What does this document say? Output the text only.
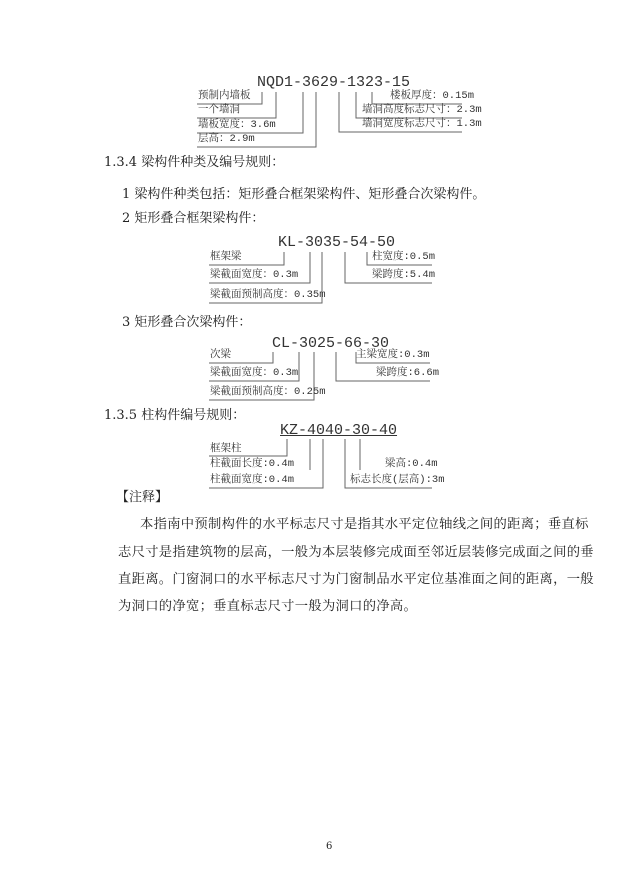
NQD1-3629-1323-15
预制内墙板
一个墙洞
墙板宽度：3.6m
层高：2.9m
楼板厚度：0.15m
墙洞高度标志尺寸：2.3m
墙洞宽度标志尺寸：1.3m
1.3.4 梁构件种类及编号规则：
1 梁构件种类包括：矩形叠合框架梁构件、矩形叠合次梁构件。
2 矩形叠合框架梁构件：
KL-3035-54-50
框架梁
梁截面宽度：0.3m
梁截面预制高度：0.35m
柱宽度:0.5m
梁跨度:5.4m
3 矩形叠合次梁构件：
CL-3025-66-30
次梁
梁截面宽度：0.3m
梁截面预制高度：0.25m
主梁宽度:0.3m
梁跨度:6.6m
1.3.5 柱构件编号规则：
KZ-4040-30-40
框架柱
柱截面长度:0.4m
柱截面宽度:0.4m
梁高:0.4m
标志长度(层高):3m
【注释】
本指南中预制构件的水平标志尺寸是指其水平定位轴线之间的距离；垂直标
志尺寸是指建筑物的层高，一般为本层装修完成面至邻近层装修完成面之间的垂
直距离。门窗洞口的水平标志尺寸为门窗制品水平定位基准面之间的距离，一般
为洞口的净宽；垂直标志尺寸一般为洞口的净高。
6
